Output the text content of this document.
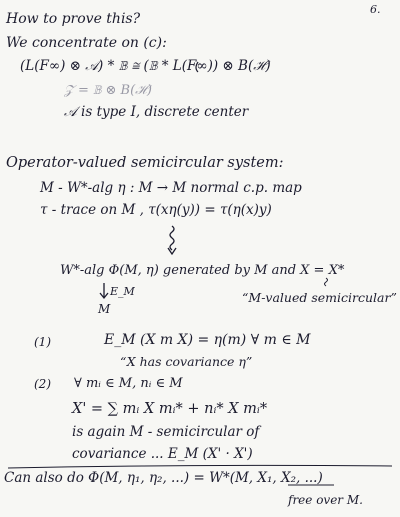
6.
How to prove this?
We concentrate on (c):
(L(F∞) ⊗ 𝒜) * 𝔹 ≅ (𝔹 * L(F∞)) ⊗ B(ℋ)
𝒵 = 𝔹 ⊗ B(ℋ)
𝒜 is type I, discrete center
Operator-valued semicircular system:
M - W*-alg η : M → M normal c.p. map
τ - trace on M , τ(xη(y)) = τ(η(x)y)
W*-alg Φ(M, η) generated by M and X = X*
E_M
M
“M-valued semicircular”
(1)	E_M (X m X) = η(m) ∀ m ∈ M
“X has covariance η”
(2) ∀ mᵢ ∈ M, nᵢ ∈ M
X' = ∑ mᵢ X mᵢ* + nᵢ* X mᵢ*
is again M - semicircular of
covariance ... E_M (X' · X')
Can also do Φ(M, η₁, η₂, ...) = W*(M, X₁, X₂, ...)
free over M.
